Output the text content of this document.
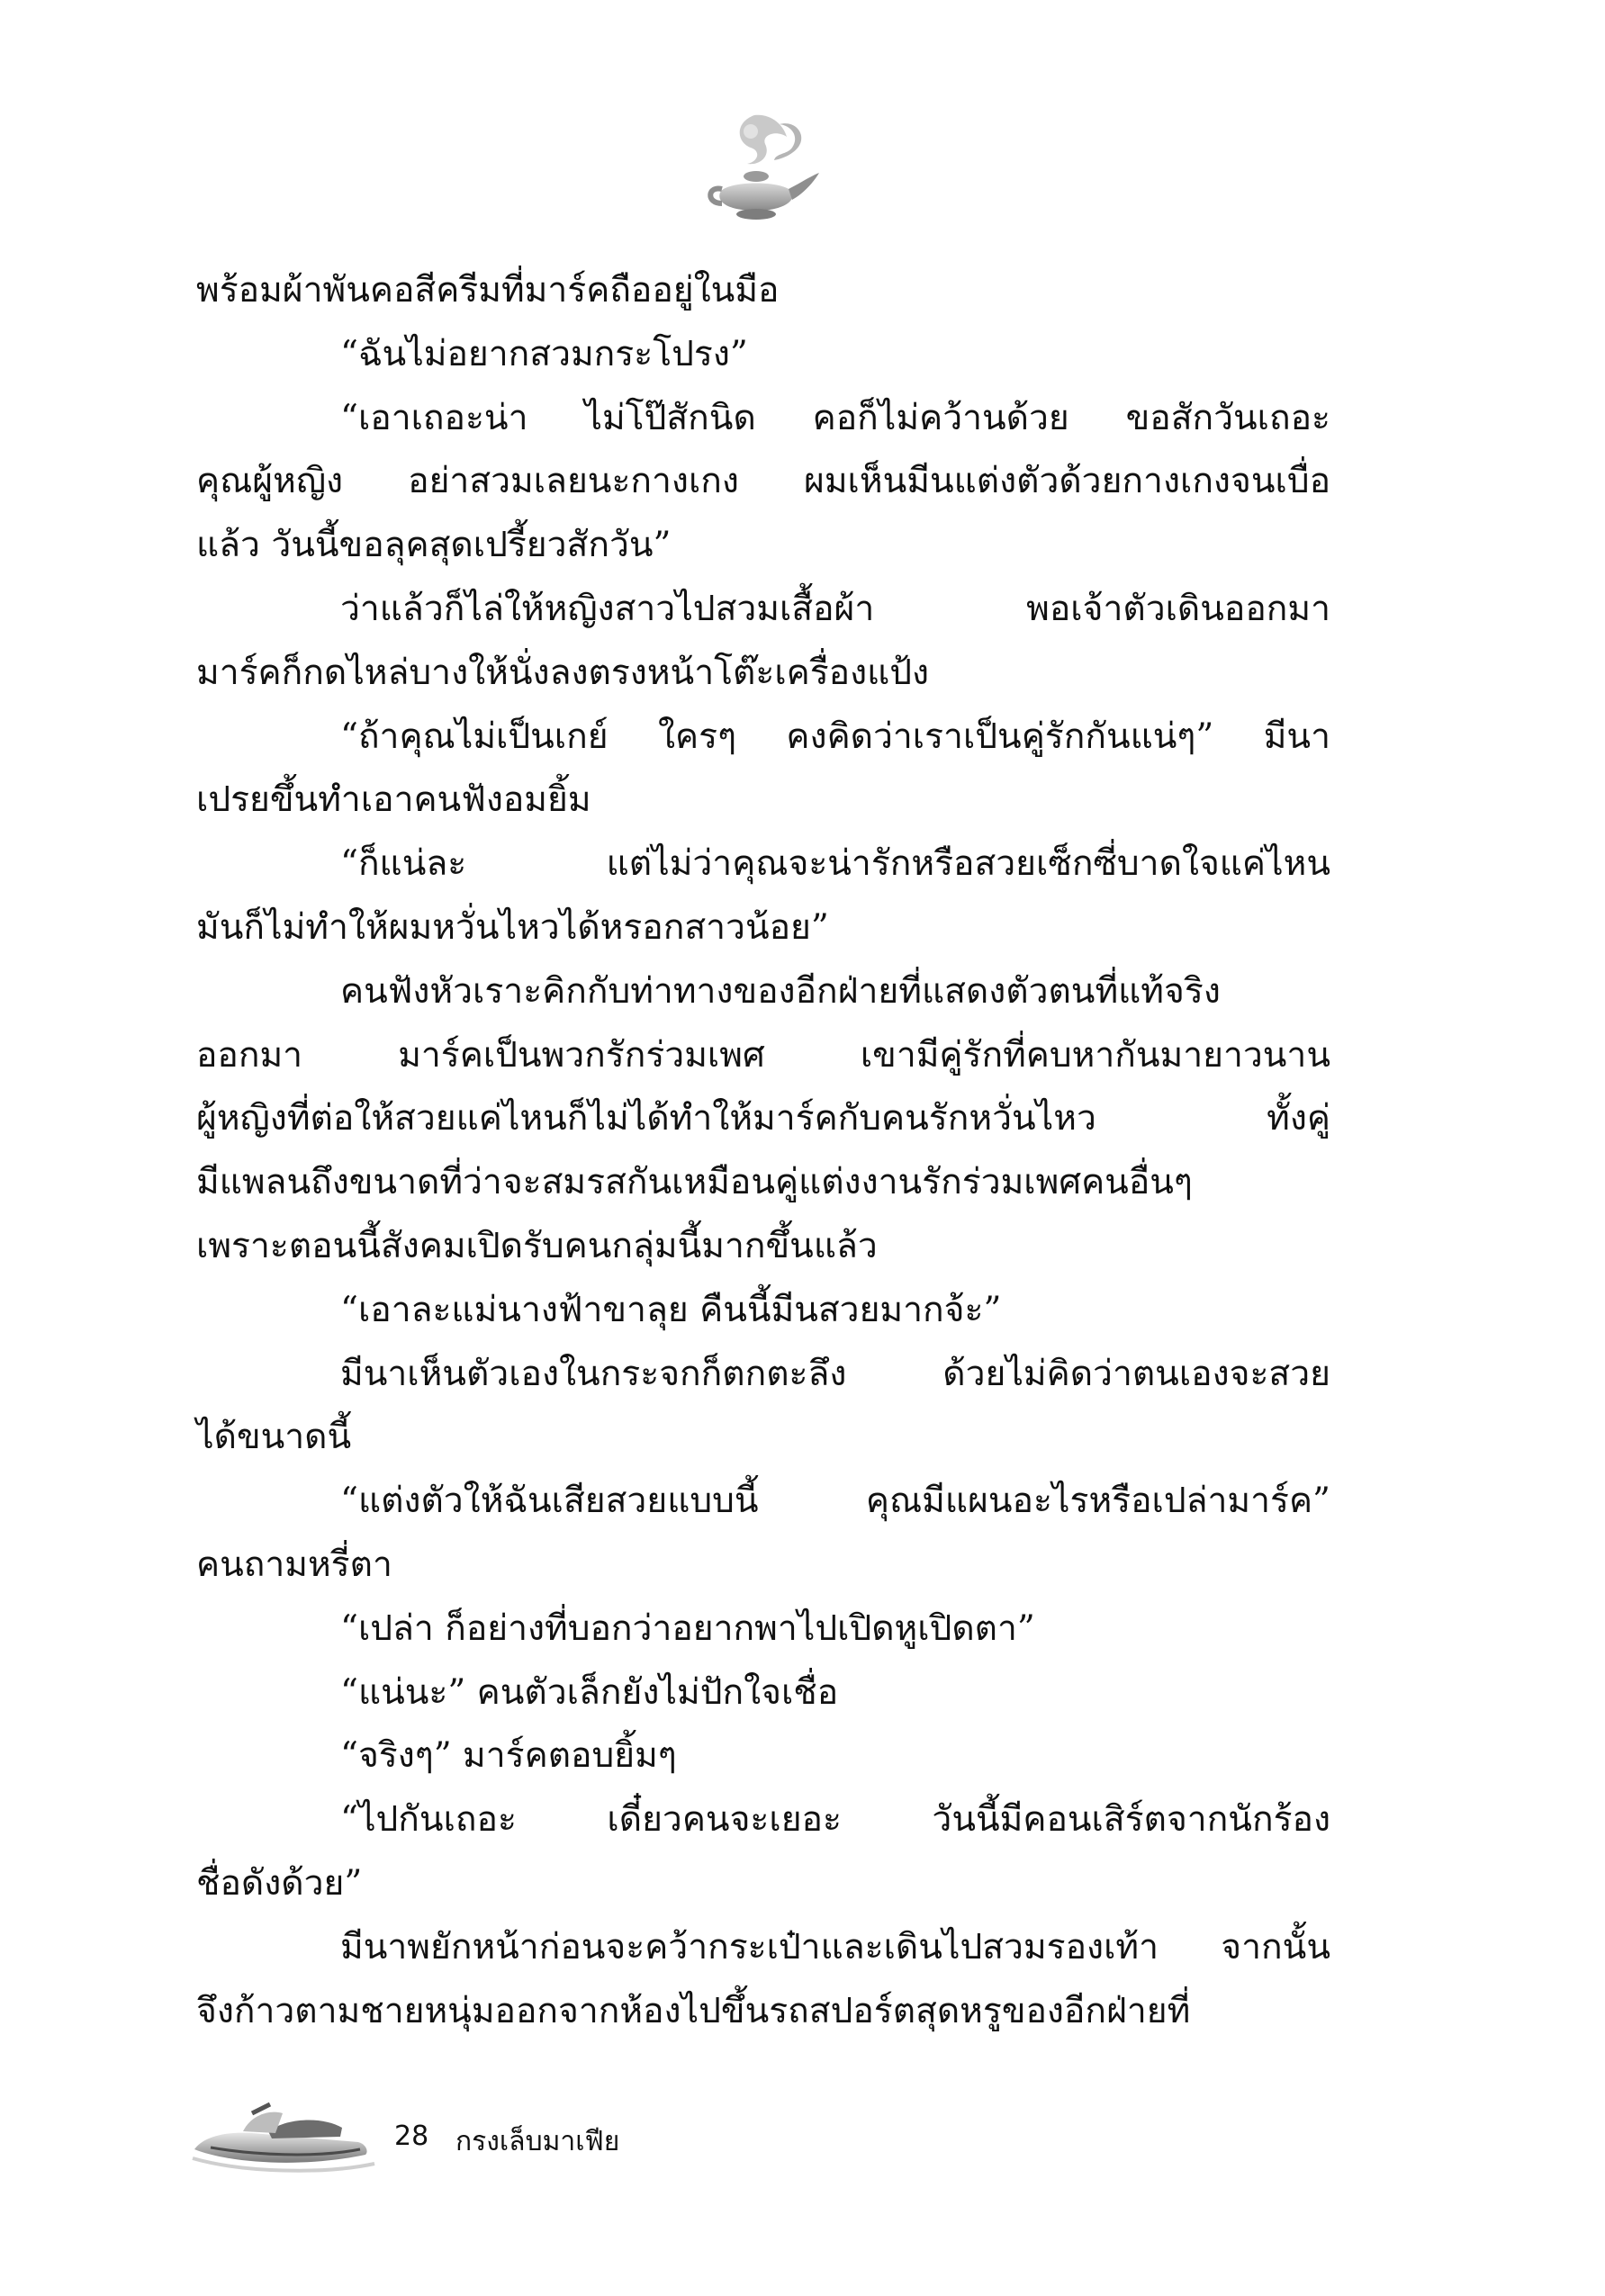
พร้อมผ้าพันคอสีครีมที่มาร์คถืออยู่ในมือ
“ฉันไม่อยากสวมกระโปรง”
“เอาเถอะน่า ไม่โป๊สักนิด คอก็ไม่คว้านด้วย ขอสักวันเถอะ
คุณผู้หญิง อย่าสวมเลยนะกางเกง ผมเห็นมีนแต่งตัวด้วยกางเกงจนเบื่อ
แล้ว วันนี้ขอลุคสุดเปรี้ยวสักวัน”
ว่าแล้วก็ไล่ให้หญิงสาวไปสวมเสื้อผ้า พอเจ้าตัวเดินออกมา
มาร์คก็กดไหล่บางให้นั่งลงตรงหน้าโต๊ะเครื่องแป้ง
“ถ้าคุณไม่เป็นเกย์ ใครๆ คงคิดว่าเราเป็นคู่รักกันแน่ๆ” มีนา
เปรยขึ้นทำเอาคนฟังอมยิ้ม
“ก็แน่ละ แต่ไม่ว่าคุณจะน่ารักหรือสวยเซ็กซี่บาดใจแค่ไหน
มันก็ไม่ทำให้ผมหวั่นไหวได้หรอกสาวน้อย”
คนฟังหัวเราะคิกกับท่าทางของอีกฝ่ายที่แสดงตัวตนที่แท้จริง
ออกมา มาร์คเป็นพวกรักร่วมเพศ เขามีคู่รักที่คบหากันมายาวนาน
ผู้หญิงที่ต่อให้สวยแค่ไหนก็ไม่ได้ทำให้มาร์คกับคนรักหวั่นไหว ทั้งคู่
มีแพลนถึงขนาดที่ว่าจะสมรสกันเหมือนคู่แต่งงานรักร่วมเพศคนอื่นๆ
เพราะตอนนี้สังคมเปิดรับคนกลุ่มนี้มากขึ้นแล้ว
“เอาละแม่นางฟ้าขาลุย คืนนี้มีนสวยมากจ้ะ”
มีนาเห็นตัวเองในกระจกก็ตกตะลึง ด้วยไม่คิดว่าตนเองจะสวย
ได้ขนาดนี้
“แต่งตัวให้ฉันเสียสวยแบบนี้ คุณมีแผนอะไรหรือเปล่ามาร์ค”
คนถามหรี่ตา
“เปล่า ก็อย่างที่บอกว่าอยากพาไปเปิดหูเปิดตา”
“แน่นะ” คนตัวเล็กยังไม่ปักใจเชื่อ
“จริงๆ” มาร์คตอบยิ้มๆ
“ไปกันเถอะ เดี๋ยวคนจะเยอะ วันนี้มีคอนเสิร์ตจากนักร้อง
ชื่อดังด้วย”
มีนาพยักหน้าก่อนจะคว้ากระเป๋าและเดินไปสวมรองเท้า จากนั้น
จึงก้าวตามชายหนุ่มออกจากห้องไปขึ้นรถสปอร์ตสุดหรูของอีกฝ่ายที่
28 กรงเล็บมาเฟีย
